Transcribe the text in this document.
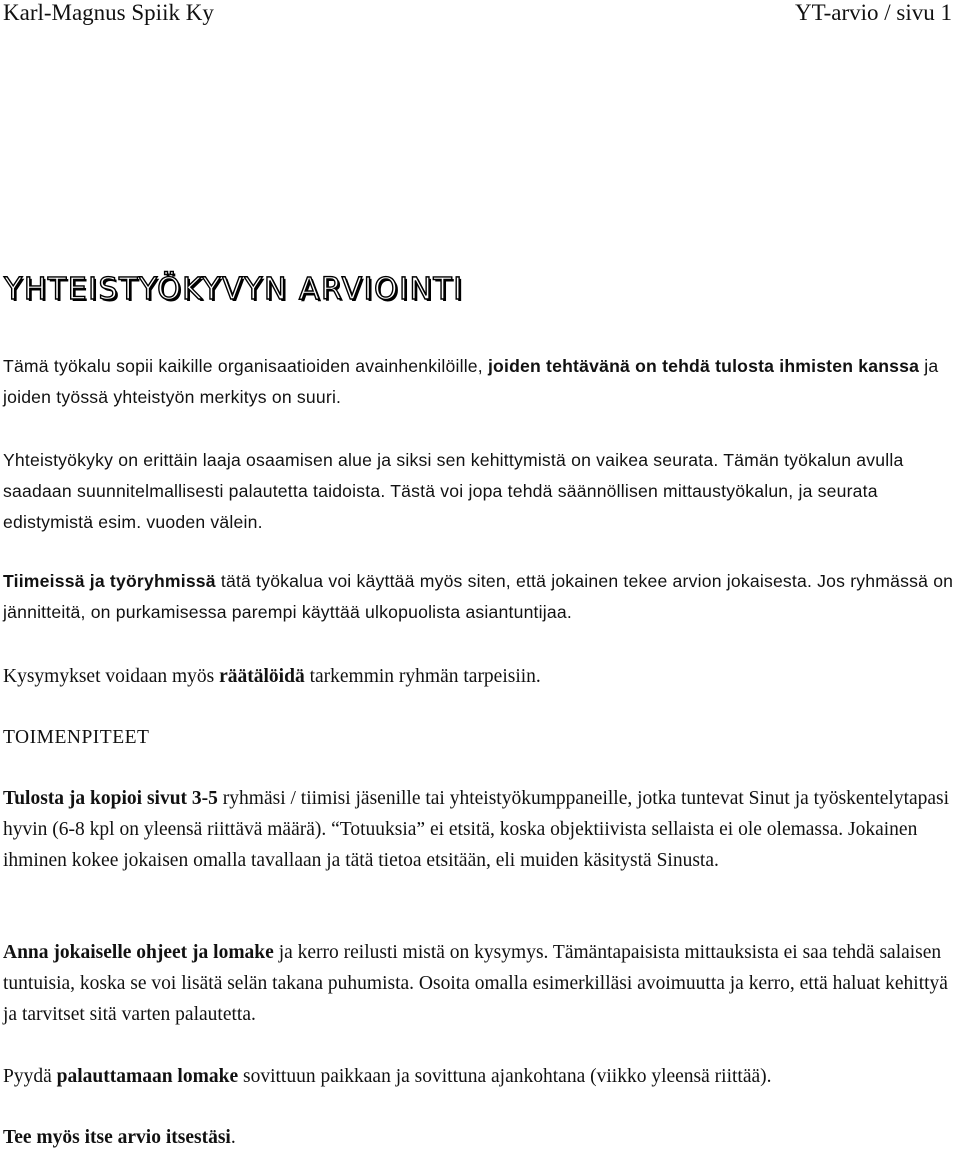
Karl-Magnus Spiik Ky	YT-arvio / sivu 1
YHTEISTYÖKYVYN ARVIOINTI

Tämä työkalu sopii kaikille organisaatioiden avainhenkilöille, joiden tehtävänä on tehdä tulosta ihmisten kanssa ja joiden työssä yhteistyön merkitys on suuri.

Yhteistyökyky on erittäin laaja osaamisen alue ja siksi sen kehittymistä on vaikea seurata. Tämän työkalun avulla saadaan suunnitelmallisesti palautetta taidoista. Tästä voi jopa tehdä säännöllisen mittaustyökalun, ja seurata edistymistä esim. vuoden välein.

Tiimeissä ja työryhmissä tätä työkalua voi käyttää myös siten, että jokainen tekee arvion jokaisesta. Jos ryhmässä on jännitteitä, on purkamisessa parempi käyttää ulkopuolista asiantuntijaa.

Kysymykset voidaan myös räätälöidä tarkemmin ryhmän tarpeisiin.

TOIMENPITEET

Tulosta ja kopioi sivut 3-5 ryhmäsi / tiimisi jäsenille tai yhteistyökumppaneille, jotka tuntevat Sinut ja työskentelytapasi hyvin (6-8 kpl on yleensä riittävä määrä). “Totuuksia” ei etsitä, koska objektiivista sellaista ei ole olemassa. Jokainen ihminen kokee jokaisen omalla tavallaan ja tätä tietoa etsitään, eli muiden käsitystä Sinusta.

Anna jokaiselle ohjeet ja lomake ja kerro reilusti mistä on kysymys. Tämäntapaisista mittauksista ei saa tehdä salaisen tuntuisia, koska se voi lisätä selän takana puhumista. Osoita omalla esimerkilläsi avoimuutta ja kerro, että haluat kehittyä ja tarvitset sitä varten palautetta.

Pyydä palauttamaan lomake sovittuun paikkaan ja sovittuna ajankohtana (viikko yleensä riittää).

Tee myös itse arvio itsestäsi.
